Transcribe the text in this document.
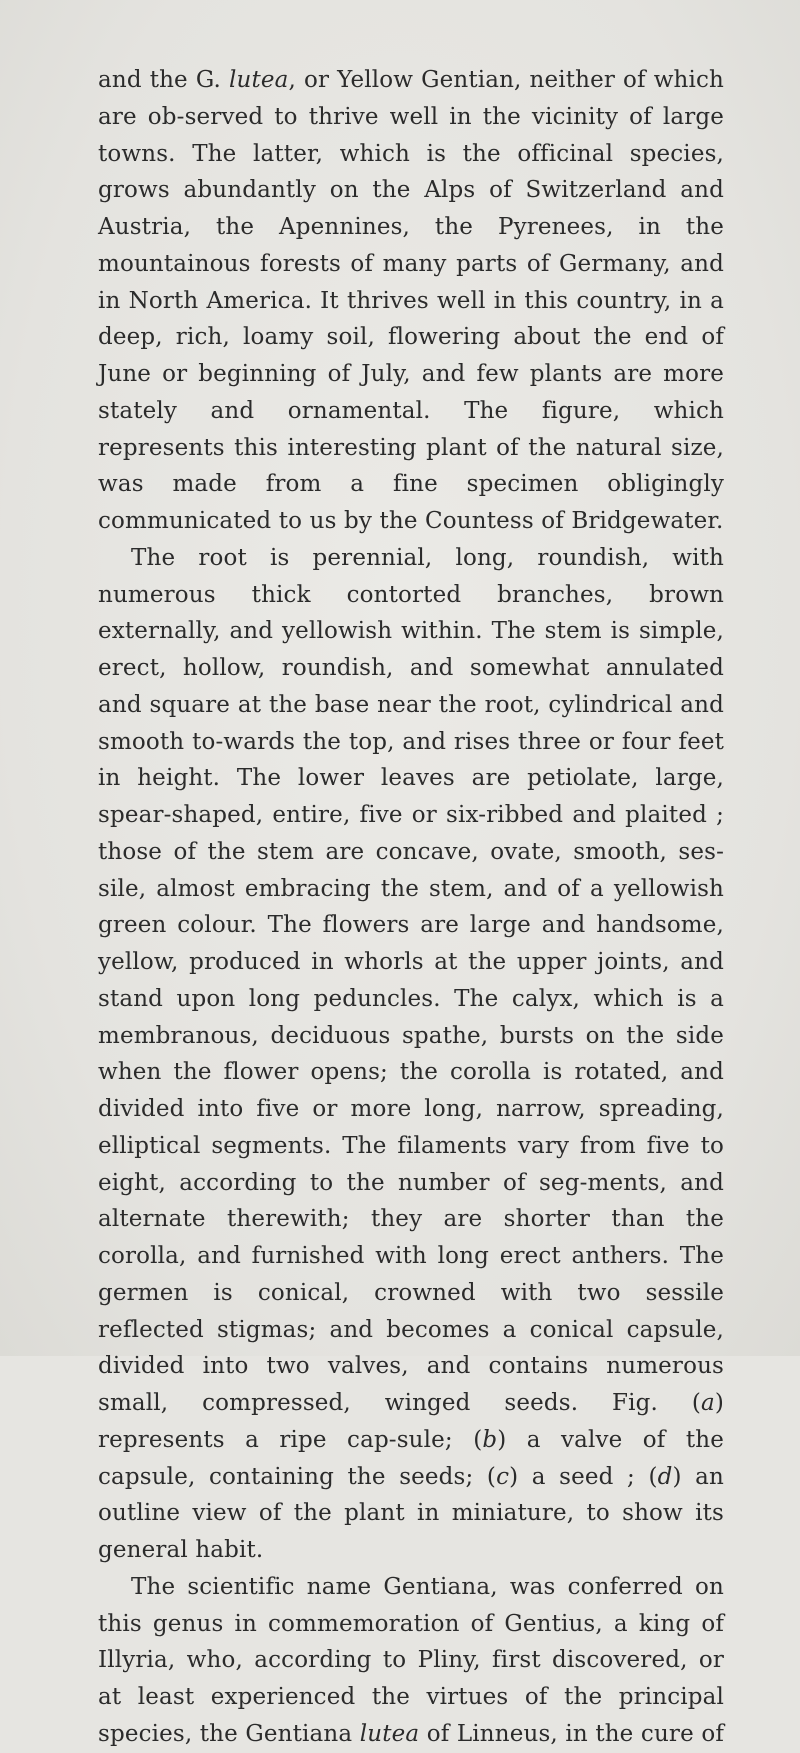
and the G. lutea, or Yellow Gentian, neither of which are ob-served to thrive well in the vicinity of large towns. The latter, which is the officinal species, grows abundantly on the Alps of Switzerland and Austria, the Apennines, the Pyrenees, in the mountainous forests of many parts of Germany, and in North America. It thrives well in this country, in a deep, rich, loamy soil, flowering about the end of June or beginning of July, and few plants are more stately and ornamental. The figure, which represents this interesting plant of the natural size, was made from a fine specimen obligingly communicated to us by the Countess of Bridgewater.

The root is perennial, long, roundish, with numerous thick contorted branches, brown externally, and yellowish within. The stem is simple, erect, hollow, roundish, and somewhat annulated and square at the base near the root, cylindrical and smooth to-wards the top, and rises three or four feet in height. The lower leaves are petiolate, large, spear-shaped, entire, five or six-ribbed and plaited ; those of the stem are concave, ovate, smooth, ses-sile, almost embracing the stem, and of a yellowish green colour. The flowers are large and handsome, yellow, produced in whorls at the upper joints, and stand upon long peduncles. The calyx, which is a membranous, deciduous spathe, bursts on the side when the flower opens; the corolla is rotated, and divided into five or more long, narrow, spreading, elliptical segments. The filaments vary from five to eight, according to the number of seg-ments, and alternate therewith; they are shorter than the corolla, and furnished with long erect anthers. The germen is conical, crowned with two sessile reflected stigmas; and becomes a conical capsule, divided into two valves, and contains numerous small, compressed, winged seeds. Fig. (a) represents a ripe cap-sule; (b) a valve of the capsule, containing the seeds; (c) a seed ; (d) an outline view of the plant in miniature, to show its general habit.

The scientific name Gentiana, was conferred on this genus in commemoration of Gentius, a king of Illyria, who, according to Pliny, first discovered, or at least experienced the virtues of the principal species, the Gentiana lutea of Linneus, in the cure of
